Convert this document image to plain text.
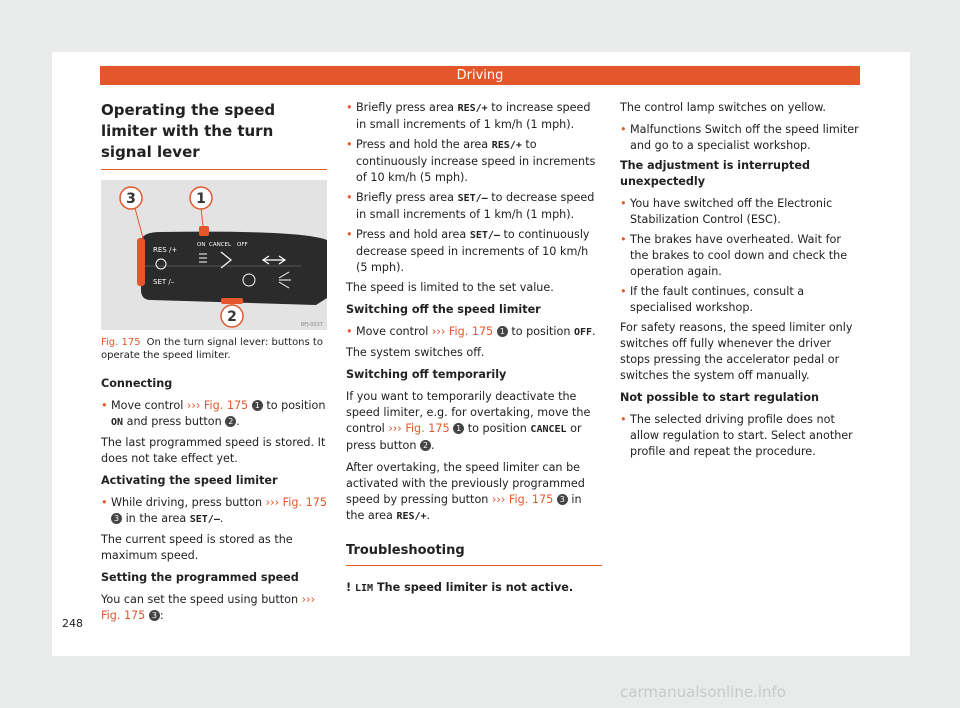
Driving
Operating the speed limiter with the turn signal lever
RES /+
SET /–
ON CANCEL OFF
3	1
2	BFJ-0037
Fig. 175 On the turn signal lever: buttons to operate the speed limiter.

Connecting

• Move control ››› Fig. 175 1 to position ON and press button 2 .

The last programmed speed is stored. It does not take effect yet.

Activating the speed limiter

• While driving, press button ››› Fig. 175 3 in the area SET/–.

The current speed is stored as the maximum speed.

Setting the programmed speed

You can set the speed using button ››› Fig. 175 3 :

• Briefly press area RES/+ to increase speed in small increments of 1 km/h (1 mph).
• Press and hold the area RES/+ to continuously increase speed in increments of 10 km/h (5 mph).
• Briefly press area SET/– to decrease speed in small increments of 1 km/h (1 mph).
• Press and hold area SET/– to continuously decrease speed in increments of 10 km/h (5 mph).

The speed is limited to the set value.

Switching off the speed limiter

• Move control ››› Fig. 175 1 to position OFF.

The system switches off.

Switching off temporarily

If you want to temporarily deactivate the speed limiter, e.g. for overtaking, move the control ››› Fig. 175 1 to position CANCEL or press button 2 .

After overtaking, the speed limiter can be activated with the previously programmed speed by pressing button ››› Fig. 175 3 in the area RES/+.

Troubleshooting

! LIM The speed limiter is not active.

The control lamp switches on yellow.

• Malfunctions Switch off the speed limiter and go to a specialist workshop.

The adjustment is interrupted unexpectedly

• You have switched off the Electronic Stabilization Control (ESC).
• The brakes have overheated. Wait for the brakes to cool down and check the operation again.
• If the fault continues, consult a specialised workshop.

For safety reasons, the speed limiter only switches off fully whenever the driver stops pressing the accelerator pedal or switches the system off manually.

Not possible to start regulation

• The selected driving profile does not allow regulation to start. Select another profile and repeat the procedure.
248
carmanualsonline.info
